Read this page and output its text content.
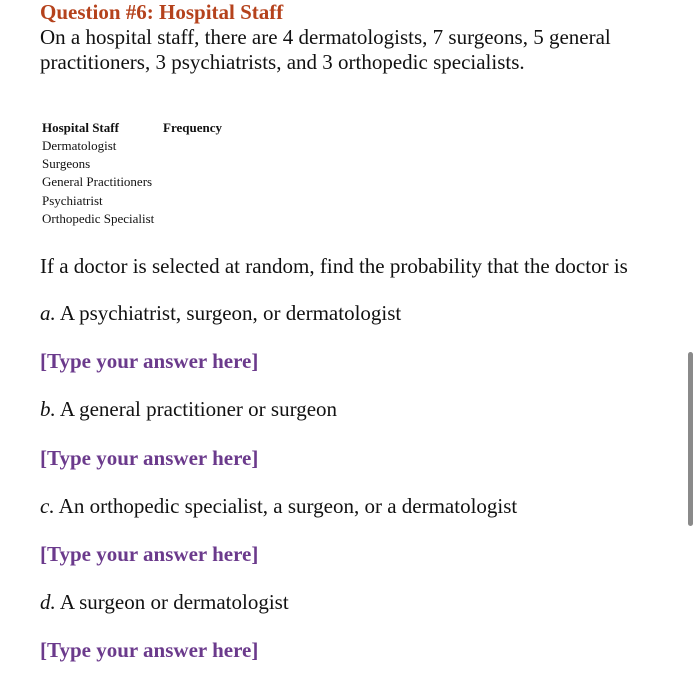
Question #6: Hospital Staff
On a hospital staff, there are 4 dermatologists, 7 surgeons, 5 general practitioners, 3 psychiatrists, and 3 orthopedic specialists.
Hospital Staff	Frequency
Dermatologist
Surgeons
General Practitioners
Psychiatrist
Orthopedic Specialist
If a doctor is selected at random, find the probability that the doctor is
a. A psychiatrist, surgeon, or dermatologist
[Type your answer here]
b. A general practitioner or surgeon
[Type your answer here]
c. An orthopedic specialist, a surgeon, or a dermatologist
[Type your answer here]
d. A surgeon or dermatologist
[Type your answer here]
